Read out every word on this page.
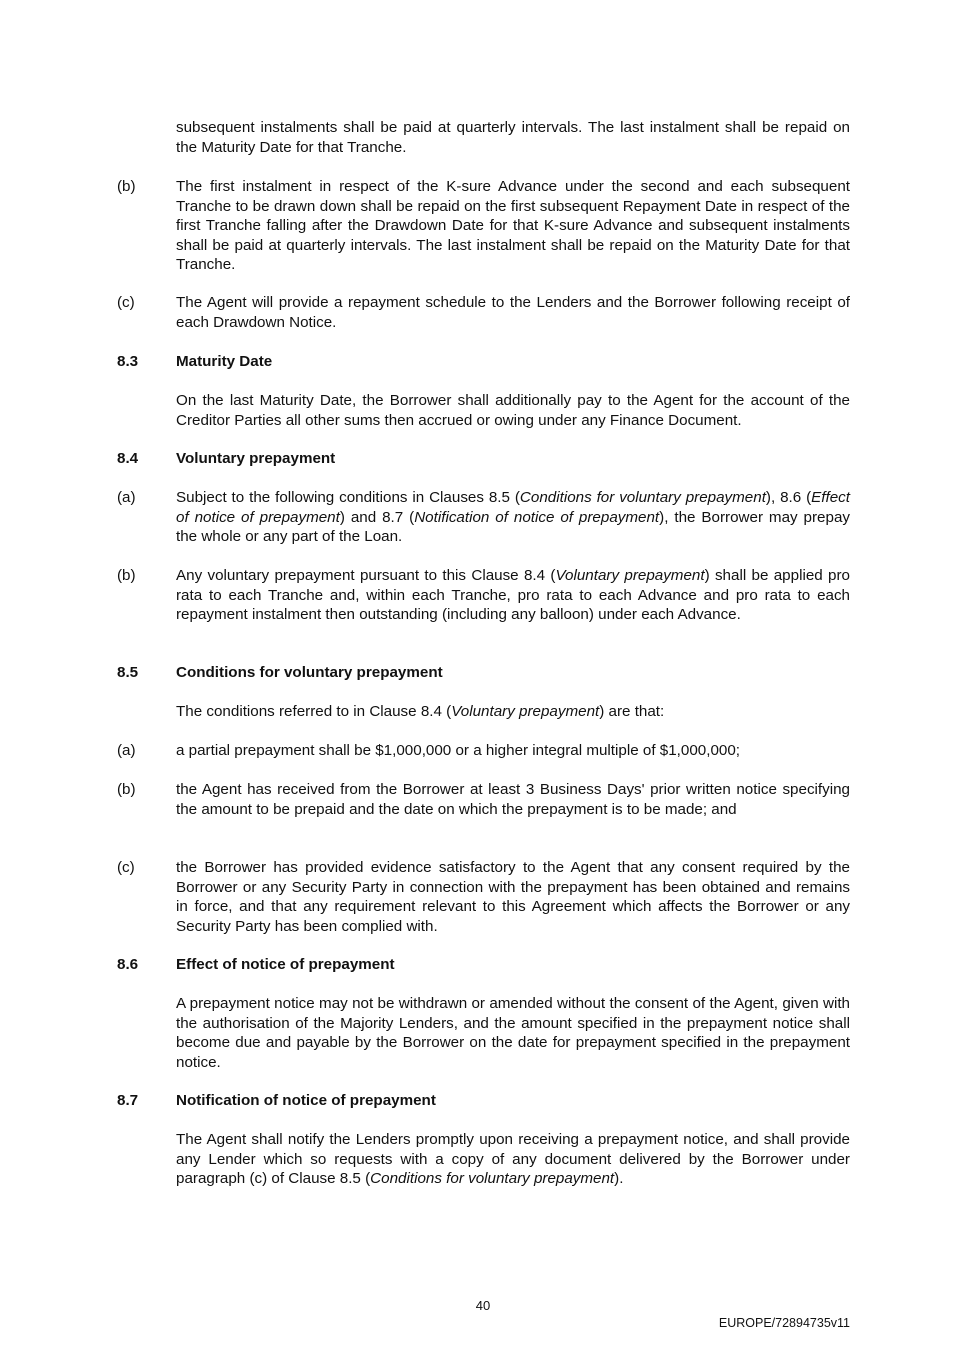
subsequent instalments shall be paid at quarterly intervals. The last instalment shall be repaid on the Maturity Date for that Tranche.
(b)	The first instalment in respect of the K-sure Advance under the second and each subsequent Tranche to be drawn down shall be repaid on the first subsequent Repayment Date in respect of the first Tranche falling after the Drawdown Date for that K-sure Advance and subsequent instalments shall be paid at quarterly intervals. The last instalment shall be repaid on the Maturity Date for that Tranche.
(c)	The Agent will provide a repayment schedule to the Lenders and the Borrower following receipt of each Drawdown Notice.
8.3 Maturity Date
On the last Maturity Date, the Borrower shall additionally pay to the Agent for the account of the Creditor Parties all other sums then accrued or owing under any Finance Document.
8.4 Voluntary prepayment
(a)	Subject to the following conditions in Clauses 8.5 (Conditions for voluntary prepayment), 8.6 (Effect of notice of prepayment) and 8.7 (Notification of notice of prepayment), the Borrower may prepay the whole or any part of the Loan.
(b)	Any voluntary prepayment pursuant to this Clause 8.4 (Voluntary prepayment) shall be applied pro rata to each Tranche and, within each Tranche, pro rata to each Advance and pro rata to each repayment instalment then outstanding (including any balloon) under each Advance.
8.5 Conditions for voluntary prepayment
The conditions referred to in Clause 8.4 (Voluntary prepayment) are that:
(a)	a partial prepayment shall be $1,000,000 or a higher integral multiple of $1,000,000;
(b)	the Agent has received from the Borrower at least 3 Business Days' prior written notice specifying the amount to be prepaid and the date on which the prepayment is to be made; and
(c)	the Borrower has provided evidence satisfactory to the Agent that any consent required by the Borrower or any Security Party in connection with the prepayment has been obtained and remains in force, and that any requirement relevant to this Agreement which affects the Borrower or any Security Party has been complied with.
8.6 Effect of notice of prepayment
A prepayment notice may not be withdrawn or amended without the consent of the Agent, given with the authorisation of the Majority Lenders, and the amount specified in the prepayment notice shall become due and payable by the Borrower on the date for prepayment specified in the prepayment notice.
8.7 Notification of notice of prepayment
The Agent shall notify the Lenders promptly upon receiving a prepayment notice, and shall provide any Lender which so requests with a copy of any document delivered by the Borrower under paragraph (c) of Clause 8.5 (Conditions for voluntary prepayment).
40
EUROPE/72894735v11
